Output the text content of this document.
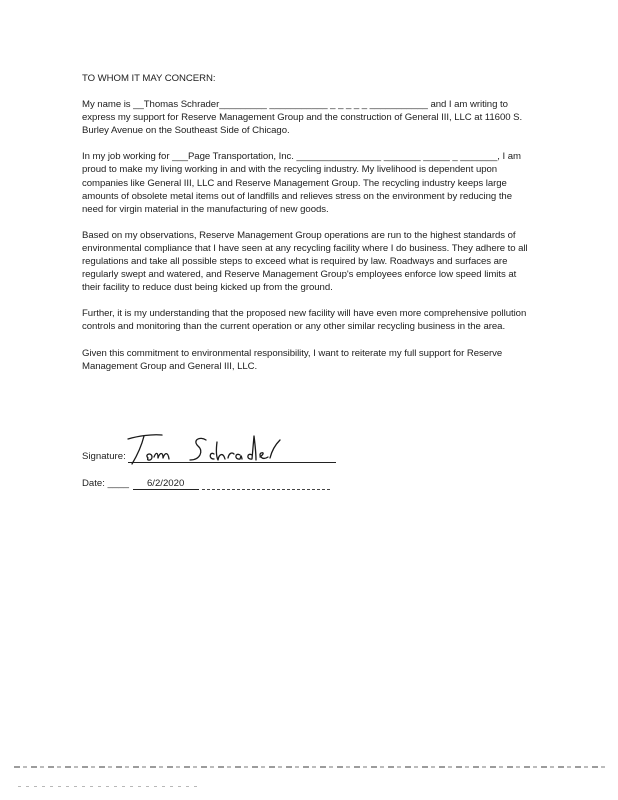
TO WHOM IT MAY CONCERN:

My name is __Thomas Schrader_________ ___________ _ _ _ _ _ ___________ and I am writing to express my support for Reserve Management Group and the construction of General III, LLC at 11600 S. Burley Avenue on the Southeast Side of Chicago.

In my job working for ___Page Transportation, Inc. ________________ _______ _____ _ _______, I am proud to make my living working in and with the recycling industry. My livelihood is dependent upon companies like General III, LLC and Reserve Management Group. The recycling industry keeps large amounts of obsolete metal items out of landfills and relieves stress on the environment by reducing the need for virgin material in the manufacturing of new goods.

Based on my observations, Reserve Management Group operations are run to the highest standards of environmental compliance that I have seen at any recycling facility where I do business. They adhere to all regulations and take all possible steps to exceed what is required by law. Roadways and surfaces are regularly swept and watered, and Reserve Management Group's employees enforce low speed limits at their facility to reduce dust being kicked up from the ground.

Further, it is my understanding that the proposed new facility will have even more comprehensive pollution controls and monitoring than the current operation or any other similar recycling business in the area.

Given this commitment to environmental responsibility, I want to reiterate my full support for Reserve Management Group and General III, LLC.

Signature:
Date: ____ 6/2/2020
